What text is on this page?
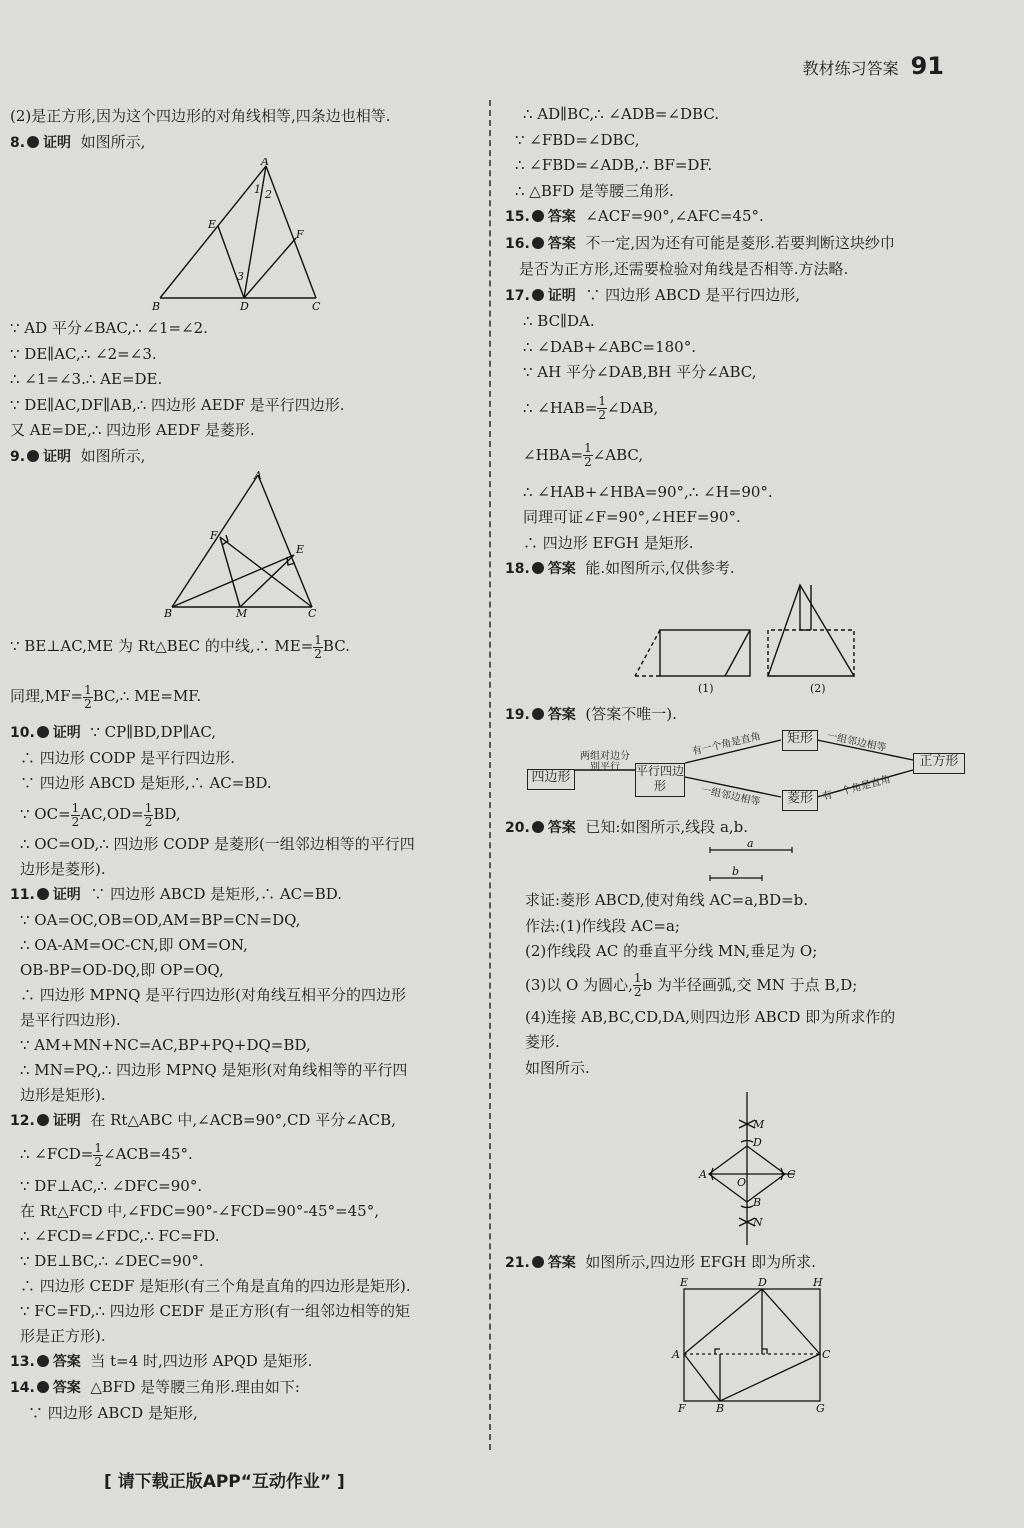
教材练习答案 91
(2)是正方形,因为这个四边形的对角线相等,四条边也相等.
8. 证明 如图所示,
A
B	C
D
E
F
1 2
3
∵ AD 平分∠BAC,∴ ∠1=∠2.
∵ DE∥AC,∴ ∠2=∠3.
∴ ∠1=∠3.∴ AE=DE.
∵ DE∥AC,DF∥AB,∴ 四边形 AEDF 是平行四边形.
又 AE=DE,∴ 四边形 AEDF 是菱形.
9. 证明 如图所示,
A
B	C
M
E
F
∵ BE⊥AC,ME 为 Rt△BEC 的中线,∴ $ME= \frac{1}{2}$ BC.
同理$,MF= \frac{1}{2}$ BC,∴ ME=MF.
10. 证明 ∵ CP∥BD,DP∥AC,
∴ 四边形 CODP 是平行四边形.
∵ 四边形 ABCD 是矩形,∴ AC=BD.
∵ $OC= \frac{1}{2} AC,OD= \frac{1}{2}$ BD,
∴ OC=OD,∴ 四边形 CODP 是菱形(一组邻边相等的平行四
边形是菱形).
11. 证明 ∵ 四边形 ABCD 是矩形,∴ AC=BD.
∵ OA=OC,OB=OD,AM=BP=CN=DQ,
∴ OA-AM=OC-CN,即 OM=ON,
OB-BP=OD-DQ,即 OP=OQ,
∴ 四边形 MPNQ 是平行四边形(对角线互相平分的四边形
是平行四边形).
∵ AM+MN+NC=AC,BP+PQ+DQ=BD,
∴ MN=PQ,∴ 四边形 MPNQ 是矩形(对角线相等的平行四
边形是矩形).
12. 证明 在 Rt△ABC 中,∠ACB=90°,CD 平分∠ACB,
∴ ∠FCD= $\frac{1}{2}$ ∠ACB=45°.
∵ DF⊥AC,∴ ∠DFC=90°.
在 Rt△FCD 中,∠FDC=90°-∠FCD=90°-45°=45°,
∴ ∠FCD=∠FDC,∴ FC=FD.
∵ DE⊥BC,∴ ∠DEC=90°.
∴ 四边形 CEDF 是矩形(有三个角是直角的四边形是矩形).
∵ FC=FD,∴ 四边形 CEDF 是正方形(有一组邻边相等的矩
形是正方形).
13. 答案 当 t=4 时,四边形 APQD 是矩形.
14. 答案 △BFD 是等腰三角形.理由如下:
∵ 四边形 ABCD 是矩形,
∴ AD∥BC,∴ ∠ADB=∠DBC.
∵ ∠FBD=∠DBC,
∴ ∠FBD=∠ADB,∴ BF=DF.
∴ △BFD 是等腰三角形.
15. 答案 ∠ACF=90°,∠AFC=45°.
16. 答案 不一定,因为还有可能是菱形.若要判断这块纱巾
是否为正方形,还需要检验对角线是否相等.方法略.
17. 证明 ∵ 四边形 ABCD 是平行四边形,
∴ BC∥DA.
∴ ∠DAB+∠ABC=180°.
∵ AH 平分∠DAB,BH 平分∠ABC,
∴ ∠HAB= $\frac{1}{2}$ ∠DAB,
∠HBA= $\frac{1}{2}$ ∠ABC,
∴ ∠HAB+∠HBA=90°,∴ ∠H=90°.
同理可证∠F=90°,∠HEF=90°.
∴ 四边形 EFGH 是矩形.
18. 答案 能.如图所示,仅供参考.
(1)	(2)
19. 答案 (答案不唯一).
四边形	平行四边形
矩形
菱形
正方形
两组对边分别平行
有一个角是直角
一组邻边相等
一组邻边相等
有一个角是直角
20. 答案 已知:如图所示,线段 a,b.
a
b
求证:菱形 ABCD,使对角线 AC=a,BD=b.
作法:(1)作线段 AC=a;
(2)作线段 AC 的垂直平分线 MN,垂足为 O;
(3)以 O 为圆心, $\frac{1}{2}$ b 为半径画弧,交 MN 于点 B,D;
(4)连接 AB,BC,CD,DA,则四边形 ABCD 即为所求作的
菱形.
如图所示.
M
D
A
O
C
B
N
21. 答案 如图所示,四边形 EFGH 即为所求.
E	D	H
A	C
F	B	G
[ 请下载正版APP“互动作业” ]
